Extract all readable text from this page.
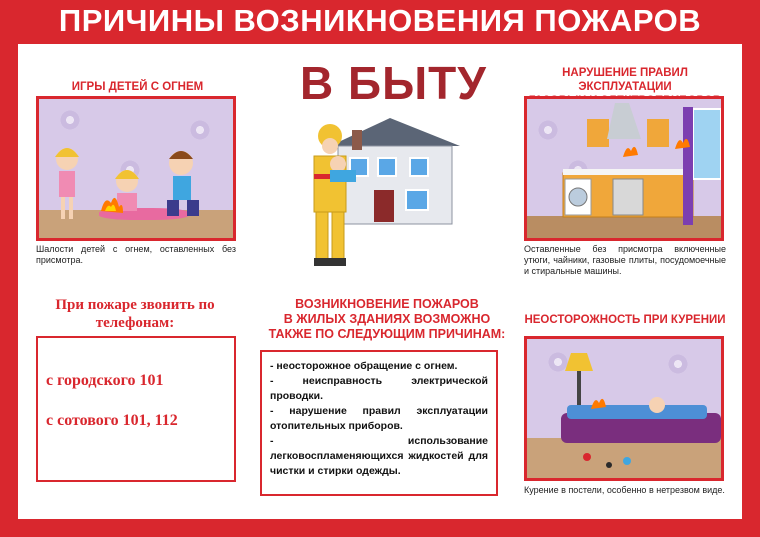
ПРИЧИНЫ ВОЗНИКНОВЕНИЯ ПОЖАРОВ
В БЫТУ
ИГРЫ ДЕТЕЙ С ОГНЕМ
Шалости детей с огнем, оставленных без присмотра.
НАРУШЕНИЕ ПРАВИЛ ЭКСПЛУАТАЦИИ
Оставленные без присмотра включенные утюги, чайники, газовые плиты, посудомоечные и стиральные машины.
При пожаре звонить по телефонам:
с городского 101
с сотового 101, 112
ВОЗНИКНОВЕНИЕ ПОЖАРОВ
В ЖИЛЫХ ЗДАНИЯХ ВОЗМОЖНО
ТАКЖЕ ПО СЛЕДУЮЩИМ ПРИЧИНАМ:
- неосторожное обращение с огнем.
- неисправность электрической проводки.
- нарушение правил эксплуатации отопительных приборов.
- использование легковоспламеняющихся жидкостей для чистки и стирки одежды.
НЕОСТОРОЖНОСТЬ ПРИ КУРЕНИИ
Курение в постели, особенно в нетрезвом виде.
